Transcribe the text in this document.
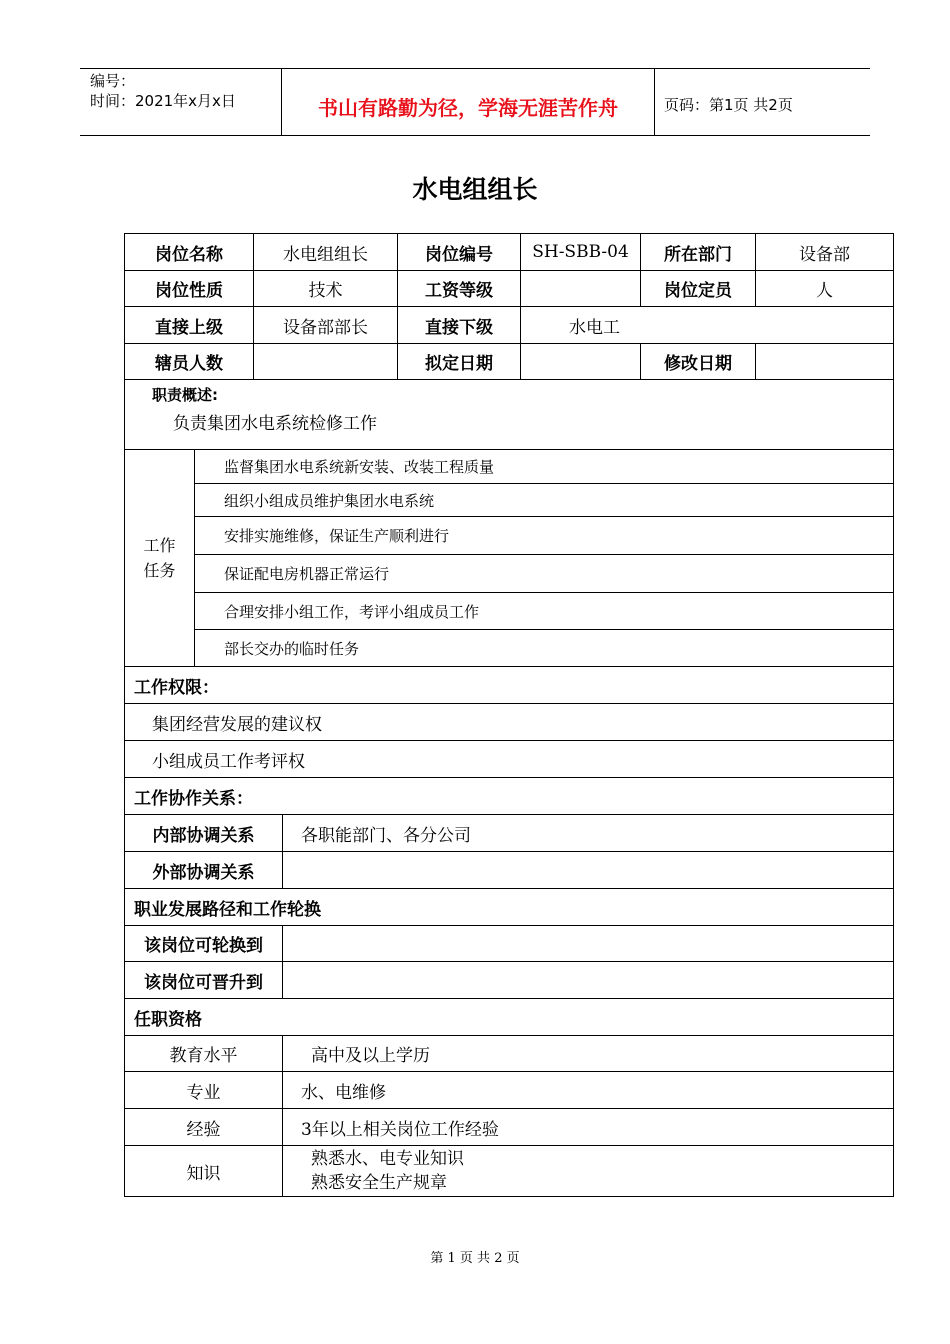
编号：
时间：2021年x月x日	书山有路勤为径，学海无涯苦作舟	页码：第1页 共2页
水电组组长
岗位名称		水电组组长		岗位编号	SH-SBB-04	所在部门	设备部
岗位性质		技术		工资等级		岗位定员	人
直接上级		设备部部长		直接下级	水电工		
辖员人数				拟定日期		修改日期	

职责概述:
负责集团水电系统检修工作							

工作
任务	监督集团水电系统新安装、改装工程质量						
	组织小组成员维护集团水电系统						
	安排实施维修，保证生产顺利进行						
	保证配电房机器正常运行						
	合理安排小组工作，考评小组成员工作						
	部长交办的临时任务						
工作权限：							
集团经营发展的建议权							
小组成员工作考评权							
工作协作关系：							
内部协调关系			各职能部门、各分公司				
外部协调关系							
职业发展路径和工作轮换							
该岗位可轮换到							
该岗位可晋升到							
任职资格							
教育水平			高中及以上学历				
专业			水、电维修				
经验			3年以上相关岗位工作经验				
知识			熟悉水、电专业知识
熟悉安全生产规章				
第 1 页 共 2 页
